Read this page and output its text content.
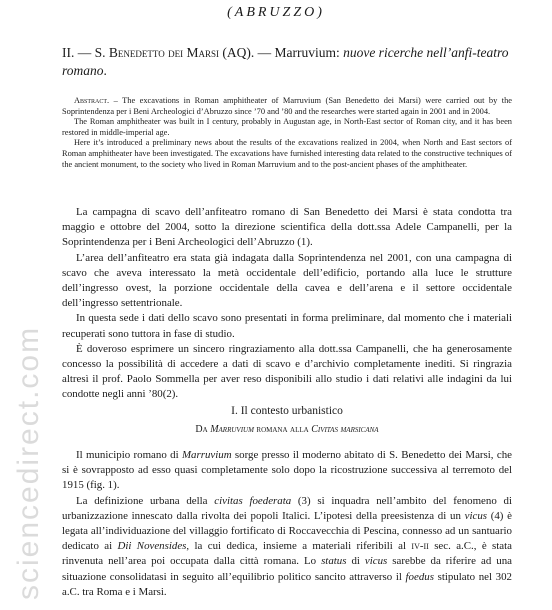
sciencedirect.com
(ABRUZZO)
II. — S. Benedetto dei Marsi (AQ). — Marruvium: nuove ricerche nell’anfi-teatro romano.

Abstract. – The excavations in Roman amphitheater of Marruvium (San Benedetto dei Marsi) were carried out by the Soprintendenza per i Beni Archeologici d’Abruzzo since ’70 and ’80 and the researches were started again in 2001 and in 2004.

The Roman amphitheater was built in I century, probably in Augustan age, in North-East sector of Roman city, and it has been restored in middle-imperial age.

Here it’s introduced a preliminary news about the results of the excavations realized in 2004, when North and East sectors of Roman amphitheater have been investigated. The excavations have furnished interesting data related to the constructive techniques of the ancient monument, to the society who lived in Roman Marruvium and to the post-ancient phases of the amphitheater.

La campagna di scavo dell’anfiteatro romano di San Benedetto dei Marsi è stata condotta tra maggio e ottobre del 2004, sotto la direzione scientifica della dott.ssa Adele Campanelli, per la Soprintendenza per i Beni Archeologici dell’Abruzzo (1).

L’area dell’anfiteatro era stata già indagata dalla Soprintendenza nel 2001, con una campagna di scavo che aveva interessato la metà occidentale dell’edificio, portando alla luce le strutture dell’ingresso ovest, la porzione occidentale della cavea e dell’arena e il settore occidentale dell’ingresso settentrionale.

In questa sede i dati dello scavo sono presentati in forma preliminare, dal momento che i materiali recuperati sono tuttora in fase di studio.

È doveroso esprimere un sincero ringraziamento alla dott.ssa Campanelli, che ha generosamente concesso la possibilità di accedere a dati di scavo e d’archivio completamente inediti. Si ringrazia altresì il prof. Paolo Sommella per aver reso disponibili allo studio i dati relativi alle indagini da lui condotte negli anni ’80(2).

I. Il contesto urbanistico
Da Marruvium romana alla Civitas marsicana

Il municipio romano di Marruvium sorge presso il moderno abitato di S. Benedetto dei Marsi, che si è sovrapposto ad esso quasi completamente solo dopo la ricostruzione successiva al terremoto del 1915 (fig. 1).

La definizione urbana della civitas foederata (3) si inquadra nell’ambito del fenomeno di urbanizzazione innescato dalla rivolta dei popoli Italici. L’ipotesi della preesistenza di un vicus (4) è legata all’individuazione del villaggio fortificato di Roccavecchia di Pescina, connesso ad un santuario dedicato ai Dii Novensides, la cui dedica, insieme a materiali riferibili al iv-ii sec. a.C., è stata rinvenuta nell’area poi occupata dalla città romana. Lo status di vicus sarebbe da riferire ad una situazione consolidatasi in seguito all’equilibrio politico sancito attraverso il foedus stipulato nel 302 a.C. tra Roma e i Marsi.
